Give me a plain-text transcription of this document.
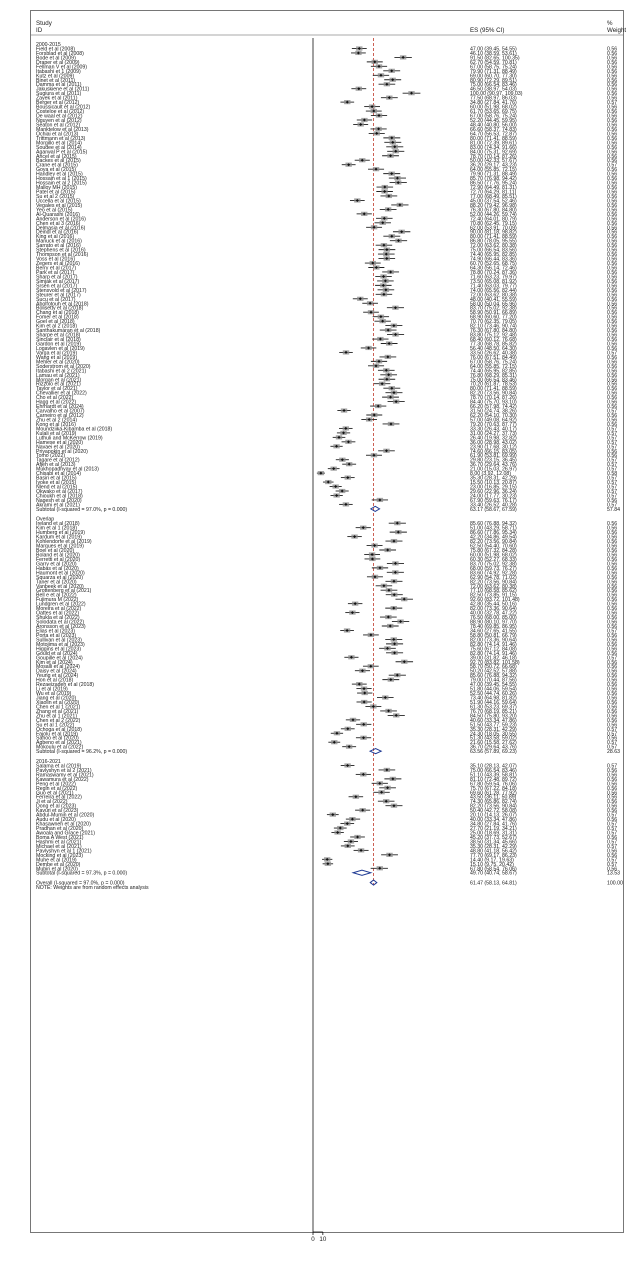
Study
ID	ES (95% CI)
%
Weight
2000-2015
Field et al (2008)	47.00 (39.45, 54.55)	0.56
Forsblad et al (2008)	46.10 (38.59, 53.61)	0.56
Bode et al (2009)	91.50 (82.65, 100.35)	0.56
Draper et al (2009)	62.70 (54.59, 70.81)	0.56
Fellman V et al (2009)	67.00 (58.75, 75.24)	0.56
Itabashi et 1 (2009)	79.90 (71.31, 88.49)	0.56
Kutz et al (2009)	69.00 (60.70, 77.30)	0.56
Binet et al (2011)	80.90 (72.29, 89.51)	0.56
Damma et al (2011)	75.00 (66.54, 83.46)	0.56
Jakuskiene et al (2011)	46.50 (38.97, 54.03)	0.56
Sugiura et al (2011)	100.00 (90.97, 109.03)	0.56
Zayek et al (2011)	77.50 (68.97, 86.03)	0.56
Berger et al (2012)	34.80 (27.84, 41.76)	0.57
Boussicault et al (2012)	60.00 (51.98, 68.02)	0.56
Costeloe et al (2012)	61.70 (53.65, 69.75)	0.56
De waal et al (2012)	67.00 (58.76, 75.24)	0.56
Nguyen et al (2012)	52.20 (44.45, 59.95)	0.56
Seaton et al (2012)	48.40 (40.80, 56.00)	0.56
Manktelow et al (2013)	66.60 (58.37, 74.83)	0.56
Ochiai et al (2013)	64.70 (56.53, 72.87)	0.56
Trittmann et al (2013)	80.00 (71.41, 88.59)	0.56
Morgillo et al (2014)	81.00 (72.39, 89.61)	0.56
Soudee et al (2014)	83.00 (74.34, 91.66)	0.56
Agarwal P et al (2015)	84.00 (75.31, 92.69)	0.56
Ancel et al (2015)	78.70 (70.14, 87.26)	0.56
Backes et al (2015)	50.00 (42.33, 57.67)	0.56
Crane et al (2015)	36.20 (29.17, 43.23)	0.57
Goya et al (2015)	64.00 (55.85, 72.15)	0.56
Handley et al (2015)	79.90 (71.31, 88.49)	0.56
Hossain et al 1 (2015)	85.70 (76.98, 94.42)	0.56
Hossain et al 2 (2015)	86.50 (77.76, 95.24)	0.56
Malloy MH (2015)	72.90 (64.49, 81.31)	0.56
Patel et al (2015)	72.70 (64.29, 81.11)	0.56
Su et al 2 (2015)	77.00 (68.49, 85.51)	0.56
Uccella et al (2015)	45.00 (37.54, 52.46)	0.56
Vegales et al (2015)	88.20 (79.42, 96.98)	0.56
Yeo et al (2015)	76.30 (67.80, 84.80)	0.56
Al-Quarashi (2016)	52.00 (44.26, 59.74)	0.56
Anderson et al (2016)	72.40 (64.01, 80.79)	0.56
Chen et al 3 (2016)	70.80 (62.45, 79.15)	0.56
Delmasia et al (2016)	62.00 (53.91, 70.09)	0.56
Deindl et al (2016)	90.00 (81.18, 98.82)	0.56
King et al (2016)	80.00 (71.41, 88.59)	0.56
Manuck et al (2016)	86.80 (78.05, 95.55)	0.56
Sarrato et al (2016)	72.00 (63.62, 80.38)	0.56
Stephens et al (2016)	75.00 (66.54, 83.56)	0.56
Thompson et al (2016)	74.40 (65.95, 82.85)	0.56
Voss et al (2016)	74.90 (66.44, 83.36)	0.56
Zegers et al (2016)	60.70 (52.65, 68.75)	0.56
Berry et al (2017)	64.30 (56.14, 72.46)	0.56
Park et al (2017)	78.80 (70.24, 87.36)	0.56
Sharp et al (2017)	71.60 (63.23, 79.97)	0.56
Simjak et al (2017)	73.50 (65.08, 81.92)	0.56
Srsen et al (2017)	71.40 (63.03, 79.77)	0.56
Stensvold et al (2017)	74.00 (65.56, 82.44)	0.56
Steurer et al (2017)	72.00 (63.62, 80.38)	0.56
Sucu et al (2017)	48.00 (40.41, 55.59)	0.56
Abolfotouh et al (2018)	58.00 (50.04, 65.96)	0.56
Bolisetty et al (2018)	83.70 (75.02, 92.38)	0.56
Chang et al (2018)	58.90 (50.91, 66.89)	0.56
Fomer et al (2018)	68.90 (60.60, 77.20)	0.56
Goel et al (2018)	70.70 (62.35, 79.05)	0.56
Kim et al 2 (2018)	82.10 (73.46, 90.74)	0.56
Santhakumaran et al (2018)	76.30 (67.80, 84.80)	0.56
Sharpe et al (2018)	83.80 (75.12, 92.48)	0.56
Sinclair et al (2018)	68.40 (60.12, 76.68)	0.56
Gardon et al (2019)	77.30 (68.78, 85.82)	0.56
Logavlen et al (2019)	56.40 (48.50, 64.30)	0.56
Varga et al (2019)	33.50 (26.62, 40.38)	0.57
Wang et al (2019)	76.00 (67.51, 84.49)	0.56
Mehler et al (2020)	67.00 (58.76, 75.24)	0.56
Soderstrom et al (2020)	64.00 (55.85, 72.15)	0.56
Itabashi et al 2 (2021)	74.40 (65.95, 82.85)	0.56
Lamau et al (2021)	76.80 (68.29, 85.31)	0.56
Morgan et al (2021)	75.00 (66.54, 83.46)	0.56
Rizzolo et al (2021)	70.20 (61.87, 78.53)	0.56
Taylor et al (2021)	80.00 (71.41, 88.59)	0.56
Chevallier et al (2022)	82.20 (73.56, 90.84)	0.56
Cho et al (2022)	78.70 (70.14, 87.26)	0.56
Hagg et al (2022)	84.40 (75.70, 93.10)	0.56
Ehrhardt et al (2024)	66.20 (57.98, 74.42)	0.56
Carvalho et al (2007)	31.50 (24.74, 38.26)	0.57
Carneiro et al (2012)	62.20 (54.10, 70.30)	0.56
Zhu et al 2 (2014)	57.00 (49.08, 64.92)	0.56
Kong et al (2016)	79.20 (70.63, 87.77)	0.56
Moundziika-Kibamba et al (2018)	33.30 (26.43, 40.17)	0.57
Kulali et al (2019)	31.00 (24.27, 37.73)	0.57
Luthuli and McKerrow (2019)	26.40 (19.98, 32.82)	0.57
Hamese et al (2020)	36.00 (28.98, 43.02)	0.57
Navaei et al (2020)	23.90 (17.68, 30.12)	0.57
Priyapokin et al (2020)	74.60 (66.15, 83.05)	0.56
Tomo (2022)	61.90 (53.81, 69.99)	0.56
Tagare et al (2012)	29.80 (23.15, 36.45)	0.57
Afjeh et al (2013)	36.70 (29.64, 43.76)	0.57
Mukhopadhyay et al (2013)	21.00 (15.03, 26.97)	0.57
Chisabi et al (2014)	8.00 (3.92, 12.08)	0.58
Basiri et al (2015)	35.30 (28.31, 42.29)	0.57
Iyoke et al (2015)	15.50 (10.13, 20.87)	0.57
Nlend et al (2015)	23.00 (16.85, 29.15)	0.57
Okwako et al (2017)	29.60 (22.96, 36.24)	0.57
Chioukh et al (2018)	24.00 (17.77, 30.23)	0.57
Nagesh et al (2020)	67.90 (59.63, 76.17)	0.56
Akrami et al (2021)	33.40 (26.52, 40.28)	0.57
Subtotal (I-squared = 97.0%, p = 0.000)	63.17 (58.67, 67.59)	57.84
Overlap
Ireland et al (2018)	85.60 (76.88, 94.32)	0.56
Kim et al 1 (2018)	51.00 (43.29, 58.71)	0.56
Humberg et al (2019)	86.60 (77.86, 95.34)	0.56
Kardum et al (2019)	42.20 (34.86, 49.54)	0.56
Kohlendorfe et al (2019)	82.20 (73.56, 90.84)	0.56
Marques et al (2019)	62.50 (54.40, 70.60)	0.56
Boel et al (2020)	75.80 (67.32, 84.28)	0.56
Boland et al (2020)	60.00 (51.98, 68.02)	0.56
Ferretti et al (2020)	60.30 (52.27, 68.33)	0.56
Garry et al (2020)	83.70 (75.02, 92.38)	0.56
Habas et al (2020)	68.00 (59.73, 76.27)	0.56
Haumont et al (2020)	83.60 (74.92, 92.28)	0.56
Squarza et al (2020)	62.90 (54.78, 71.02)	0.56
Taner et al (2020)	82.20 (73.56, 90.84)	0.56
Vanbeek et al (2020)	72.00 (63.62, 80.38)	0.56
Grottenberg et al (2021)	77.10 (68.58, 85.62)	0.56
Bell e et al (2022)	82.50 (73.85, 91.15)	0.56
Fujimura M (2022)	92.60 (83.72, 101.48)	0.56
Lundgren et al (2022)	42.80 (35.44, 50.16)	0.56
Moreira et al (2022)	82.00 (73.36, 90.64)	0.56
Oattes et al (2022)	40.00 (32.78, 47.22)	0.56
Shukla et al (2022)	76.50 (68.00, 85.00)	0.56
Solodata et al (2022)	88.90 (80.10, 97.70)	0.56
Aronsson et al (2023)	78.40 (69.85, 86.95)	0.56
Elias et al (2023)	34.60 (27.65, 41.55)	0.57
Porta et al (2023)	58.80 (50.81, 66.79)	0.56
Sullivan et al (2023)	82.00 (73.36, 90.64)	0.56
Motojima et al (2023)	82.80 (74.14, 91.46)	0.56
Higgins et al (2023)	75.60 (67.12, 84.08)	0.56
Gould et al (2024)	82.80 (74.14, 91.46)	0.56
Goupille et al (2024)	39.00 (31.82, 46.18)	0.57
Kim et al (2024)	92.70 (83.82, 101.58)	0.56
Mosalli et al (2024)	58.70 (50.72, 66.68)	0.56
Daisy et al (2024)	50.20 (42.52, 57.88)	0.56
Yeung et al (2024)	85.60 (76.88, 94.32)	0.56
Hon et al (2018)	79.00 (70.44, 87.56)	0.56
Rezaeizadeh et al (2018)	47.00 (39.45, 54.55)	0.56
Li et al (2019)	51.80 (44.06, 59.54)	0.56
Wu et al (2019)	52.50 (44.74, 60.26)	0.56
Jiang et al (2020)	73.40 (64.98, 81.82)	0.56
Xiaolin et al (2020)	51.90 (44.16, 59.64)	0.56
Chen et al 1 (2021)	61.30 (53.23, 69.37)	0.56
Zhang et al (2021)	76.70 (68.19, 85.21)	0.56
Zhu et al 1 (2021)	84.50 (75.80, 93.20)	0.56
Chen et al 2 (2022)	40.60 (33.34, 47.86)	0.56
Su et al 1 (2022)	51.50 (43.77, 59.23)	0.56
Ochoga et al (2018)	35.30 (28.31, 42.29)	0.57
Fajolu et al (2019)	24.30 (18.05, 30.55)	0.57
Sahoo et al (2020)	51.30 (43.58, 59.02)	0.56
Agbeno et al (2021)	21.60 (15.58, 27.62)	0.57
Mokoulu et al (2022)	36.70 (29.64, 43.76)	0.57
Subtotal (I-squared = 96.2%, p = 0.000)	63.56 (57.89, 69.23)	28.63
2016-2021
Salama et al (2019)	35.10 (28.13, 42.07)	0.57
Pavlyshyn et al 2 (2021)	75.00 (66.54, 83.46)	0.56
Ramaswamy et al (2021)	51.10 (43.39, 58.81)	0.56
Kawamura et al (2022)	81.10 (72.48, 89.72)	0.56
Peng et al (2022)	67.80 (59.54, 76.06)	0.56
Regin et al (2022)	75.70 (67.22, 84.18)	0.56
Guo et al (2021)	69.60 (61.28, 77.92)	0.56
Ferreira et al (2022)	43.50 (36.11, 50.89)	0.56
Ji et al (2022)	74.30 (65.86, 82.74)	0.56
Dong et al (2023)	82.20 (73.56, 90.84)	0.56
Kavuri et al (2023)	50.40 (42.72, 58.08)	0.56
Abdul-Mumin et al (2020)	20.10 (14.13, 26.07)	0.57
Audu et al (2020)	40.00 (33.34, 47.86)	0.56
Khasawneh et al (2020)	34.80 (27.84, 41.76)	0.57
Pradhan et al (2020)	27.70 (21.19, 34.21)	0.57
Awoala and Grace (2021)	25.00 (18.69, 31.31)	0.57
Boma A West (2021)	45.20 (37.73, 52.67)	0.56
Hashmi et al (2021)	38.50 (31.34, 45.66)	0.57
Michael et al (2021)	35.30 (28.31, 42.29)	0.57
Pavlyshyn et al 1 (2021)	48.80 (41.18, 56.42)	0.56
Mocking et al (2023)	77.70 (69.17, 86.23)	0.56
Muhe et al (2019)	14.40 (9.17, 19.63)	0.57
Dembe et al (2020)	15.10 (9.75, 20.42)	0.57
Mubiri et al (2020)	67.80 (58.54, 76.06)	0.56
Subtotal (I-squared = 97.3%, p = 0.000)	49.70 (40.74, 58.67)	13.53
Overall (I-squared = 97.0%, p = 0.000)	61.47 (58.13, 64.81)	100.00
NOTE: Weights are from random effects analysis
0 10
